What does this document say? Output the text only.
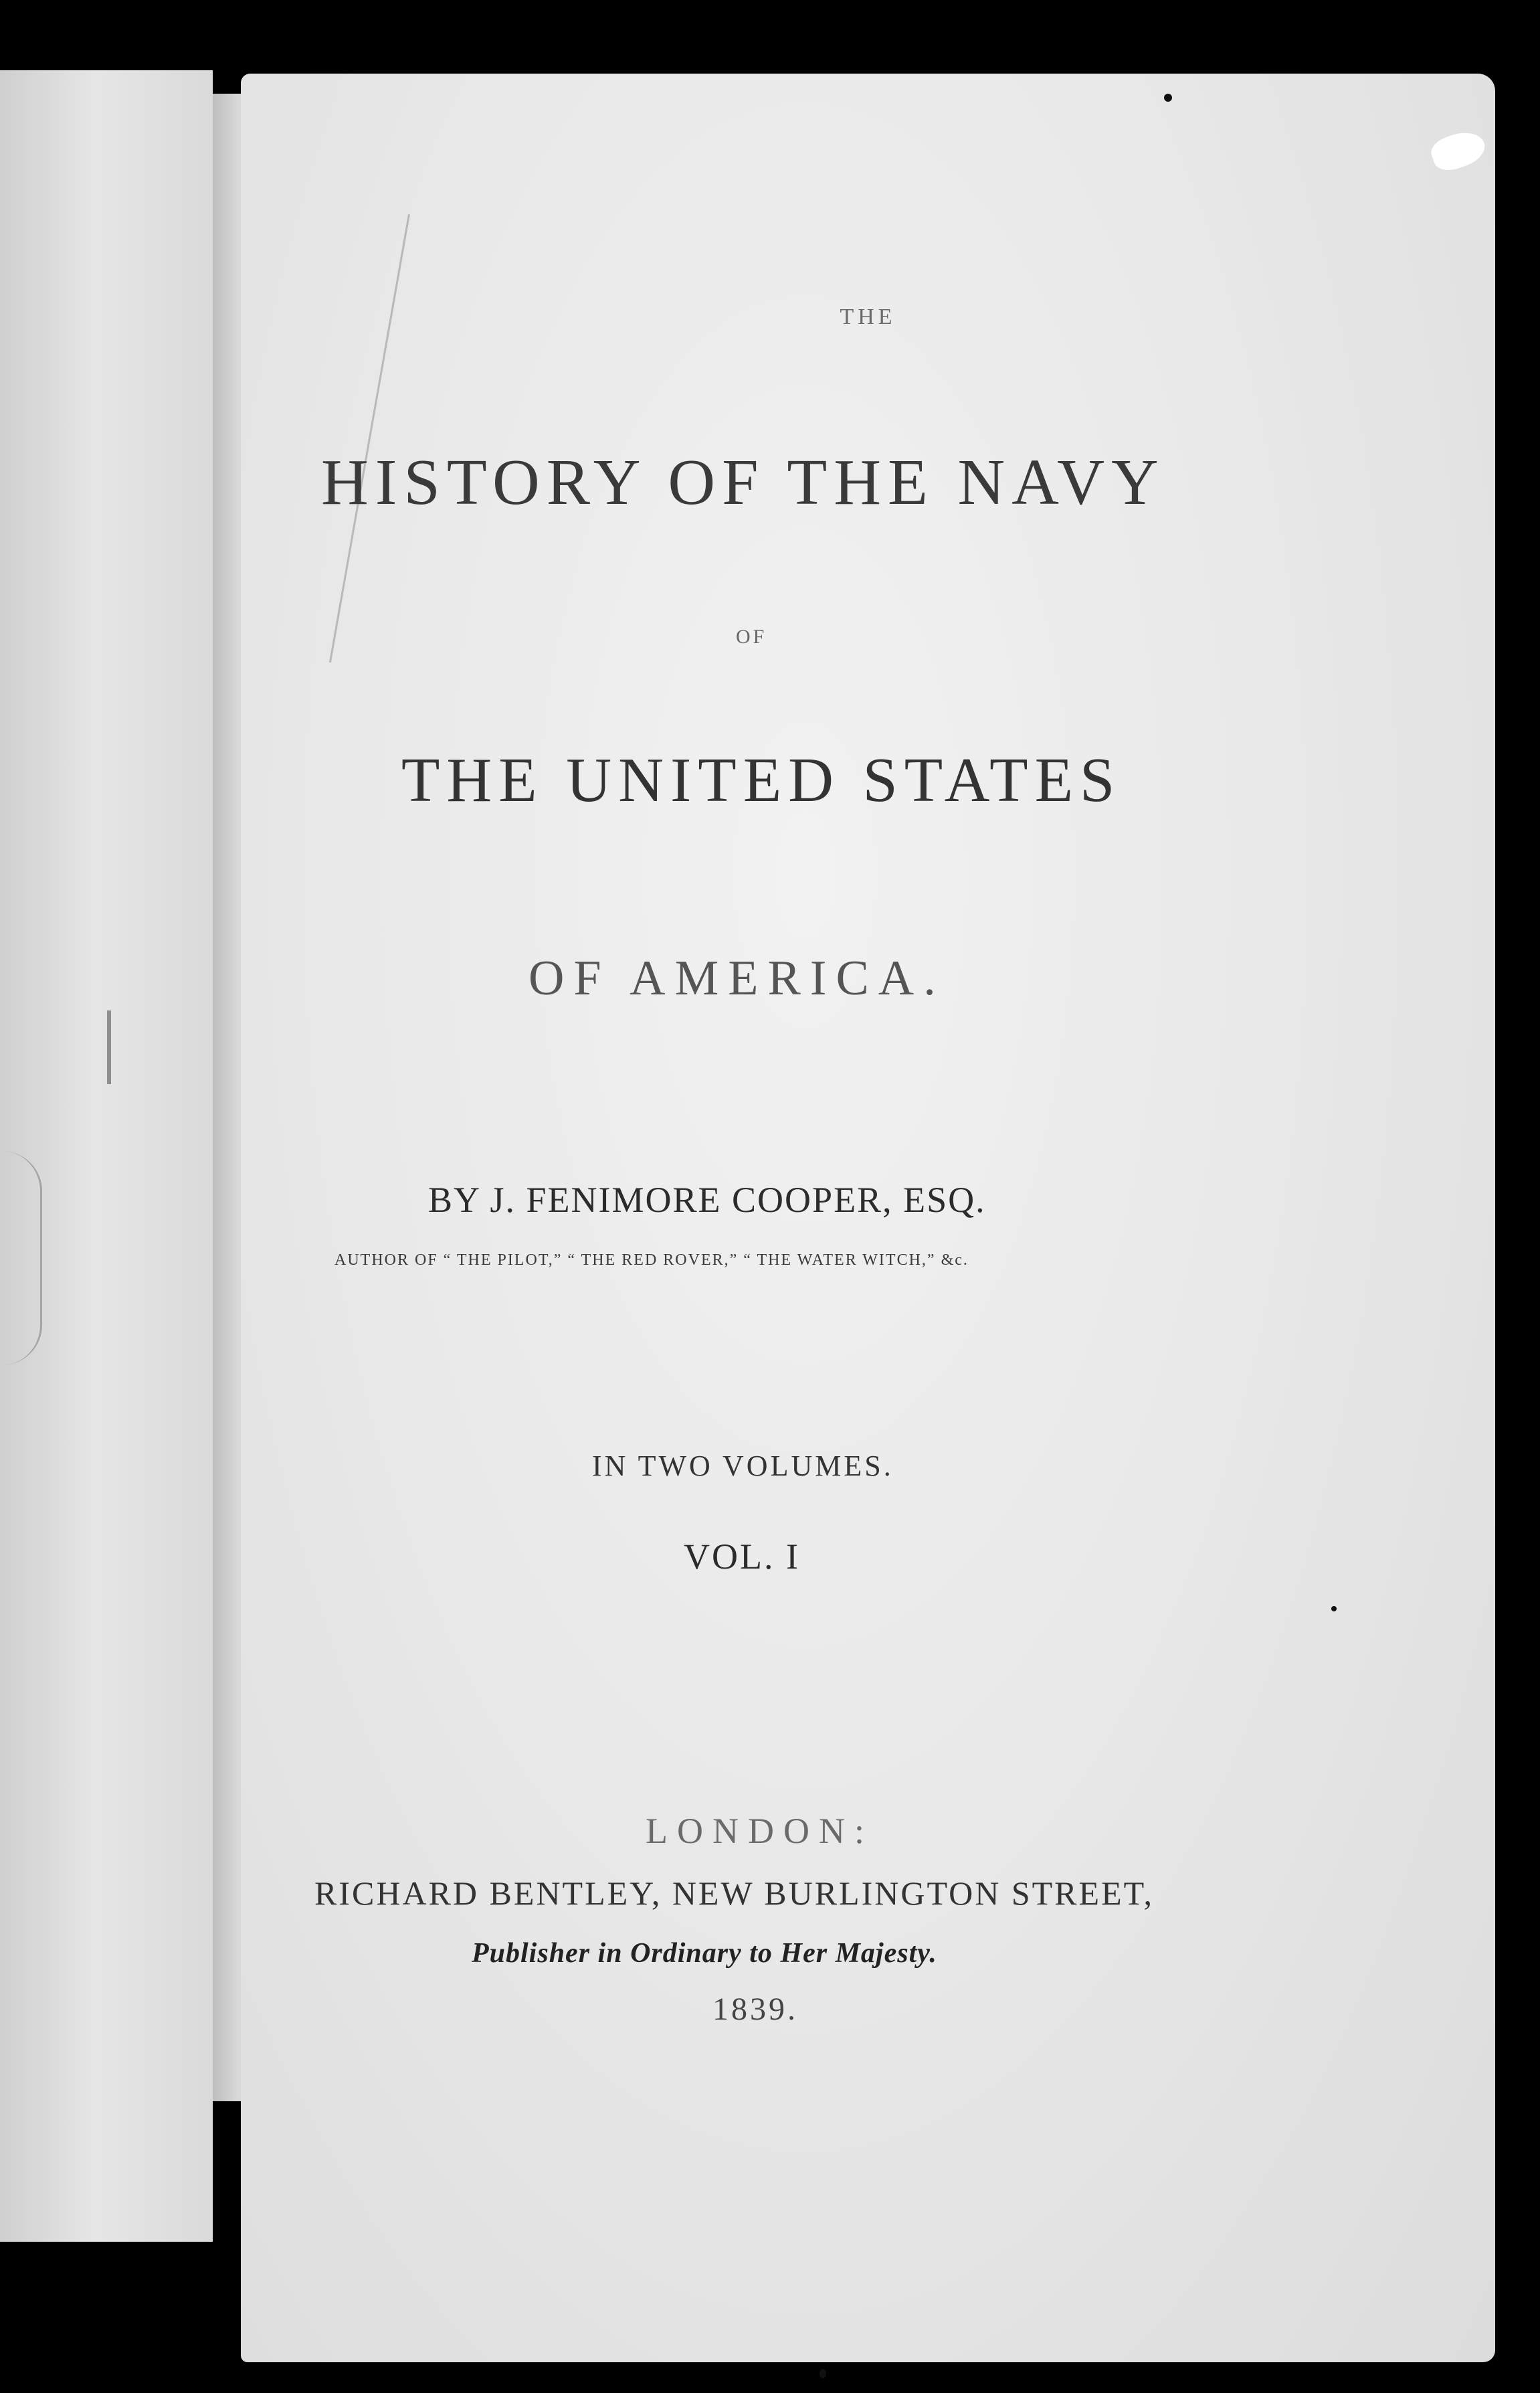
THE
HISTORY OF THE NAVY
OF
THE UNITED STATES
OF AMERICA.
BY J. FENIMORE COOPER, ESQ.
AUTHOR OF “ THE PILOT,” “ THE RED ROVER,” “ THE WATER WITCH,” &c.
IN TWO VOLUMES.
VOL. I
LONDON:
RICHARD BENTLEY, NEW BURLINGTON STREET,
Publisher in Ordinary to Her Majesty.
1839.
